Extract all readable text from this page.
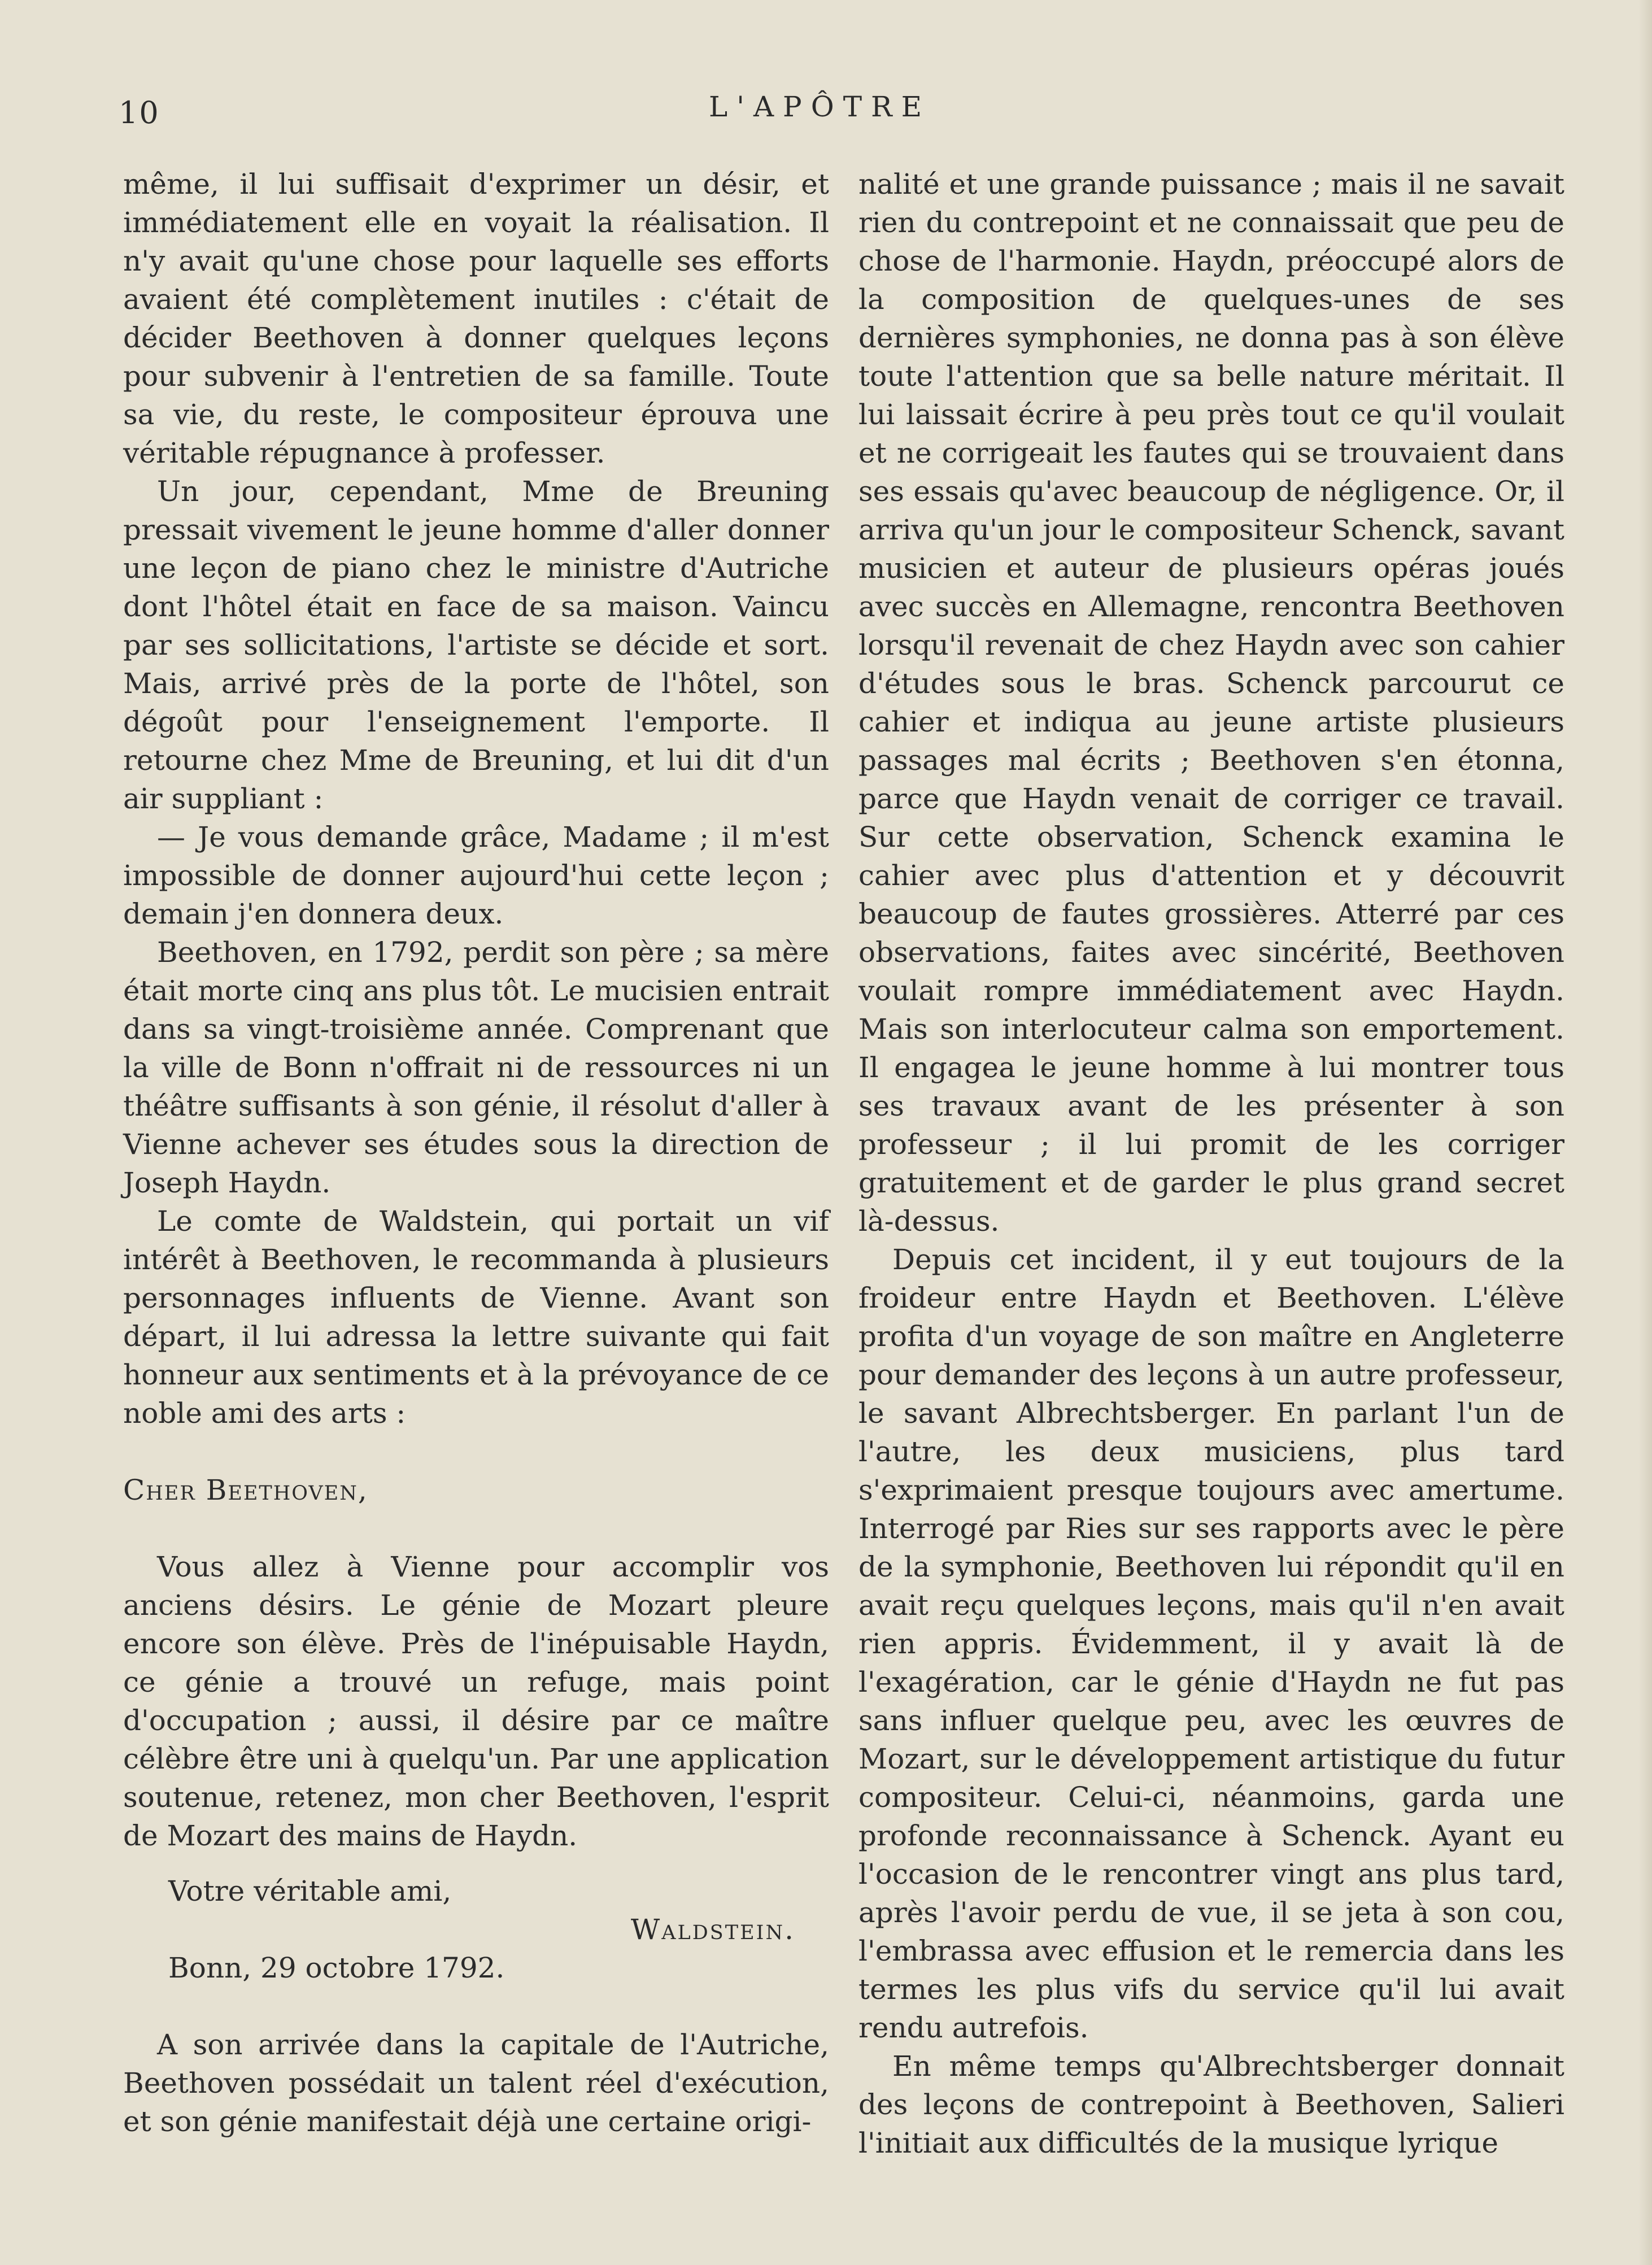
10	L'APÔTRE

même, il lui suffisait d'exprimer un désir, et immédiatement elle en voyait la réalisation. Il n'y avait qu'une chose pour laquelle ses efforts avaient été complètement inutiles : c'était de décider Beethoven à donner quelques leçons pour subvenir à l'entretien de sa famille. Toute sa vie, du reste, le compositeur éprouva une véritable répugnance à professer.

Un jour, cependant, Mme de Breuning pressait vivement le jeune homme d'aller donner une leçon de piano chez le ministre d'Autriche dont l'hôtel était en face de sa maison. Vaincu par ses sollicitations, l'artiste se décide et sort. Mais, arrivé près de la porte de l'hôtel, son dégoût pour l'enseignement l'emporte. Il retourne chez Mme de Breuning, et lui dit d'un air suppliant :

— Je vous demande grâce, Madame ; il m'est impossible de donner aujourd'hui cette leçon ; demain j'en donnera deux.

Beethoven, en 1792, perdit son père ; sa mère était morte cinq ans plus tôt. Le mucisien entrait dans sa vingt-troisième année. Comprenant que la ville de Bonn n'offrait ni de ressources ni un théâtre suffisants à son génie, il résolut d'aller à Vienne achever ses études sous la direction de Joseph Haydn.

Le comte de Waldstein, qui portait un vif intérêt à Beethoven, le recommanda à plusieurs personnages influents de Vienne. Avant son départ, il lui adressa la lettre suivante qui fait honneur aux sentiments et à la prévoyance de ce noble ami des arts :

Cher Beethoven,

Vous allez à Vienne pour accomplir vos anciens désirs. Le génie de Mozart pleure encore son élève. Près de l'inépuisable Haydn, ce génie a trouvé un refuge, mais point d'occupation ; aussi, il désire par ce maître célèbre être uni à quelqu'un. Par une application soutenue, retenez, mon cher Beethoven, l'esprit de Mozart des mains de Haydn.

Votre véritable ami,

Waldstein.

Bonn, 29 octobre 1792.

A son arrivée dans la capitale de l'Autriche, Beethoven possédait un talent réel d'exécution, et son génie manifestait déjà une certaine origi-

nalité et une grande puissance ; mais il ne savait rien du contrepoint et ne connaissait que peu de chose de l'harmonie. Haydn, préoccupé alors de la composition de quelques-unes de ses dernières symphonies, ne donna pas à son élève toute l'attention que sa belle nature méritait. Il lui laissait écrire à peu près tout ce qu'il voulait et ne corrigeait les fautes qui se trouvaient dans ses essais qu'avec beaucoup de négligence. Or, il arriva qu'un jour le compositeur Schenck, savant musicien et auteur de plusieurs opéras joués avec succès en Allemagne, rencontra Beethoven lorsqu'il revenait de chez Haydn avec son cahier d'études sous le bras. Schenck parcourut ce cahier et indiqua au jeune artiste plusieurs passages mal écrits ; Beethoven s'en étonna, parce que Haydn venait de corriger ce travail. Sur cette observation, Schenck examina le cahier avec plus d'attention et y découvrit beaucoup de fautes grossières. Atterré par ces observations, faites avec sincérité, Beethoven voulait rompre immédiatement avec Haydn. Mais son interlocuteur calma son emportement. Il engagea le jeune homme à lui montrer tous ses travaux avant de les présenter à son professeur ; il lui promit de les corriger gratuitement et de garder le plus grand secret là-dessus.

Depuis cet incident, il y eut toujours de la froideur entre Haydn et Beethoven. L'élève profita d'un voyage de son maître en Angleterre pour demander des leçons à un autre professeur, le savant Albrechtsberger. En parlant l'un de l'autre, les deux musiciens, plus tard s'exprimaient presque toujours avec amertume. Interrogé par Ries sur ses rapports avec le père de la symphonie, Beethoven lui répondit qu'il en avait reçu quelques leçons, mais qu'il n'en avait rien appris. Évidemment, il y avait là de l'exagération, car le génie d'Haydn ne fut pas sans influer quelque peu, avec les œuvres de Mozart, sur le développement artistique du futur compositeur. Celui-ci, néanmoins, garda une profonde reconnaissance à Schenck. Ayant eu l'occasion de le rencontrer vingt ans plus tard, après l'avoir perdu de vue, il se jeta à son cou, l'embrassa avec effusion et le remercia dans les termes les plus vifs du service qu'il lui avait rendu autrefois.

En même temps qu'Albrechtsberger donnait des leçons de contrepoint à Beethoven, Salieri l'initiait aux difficultés de la musique lyrique
